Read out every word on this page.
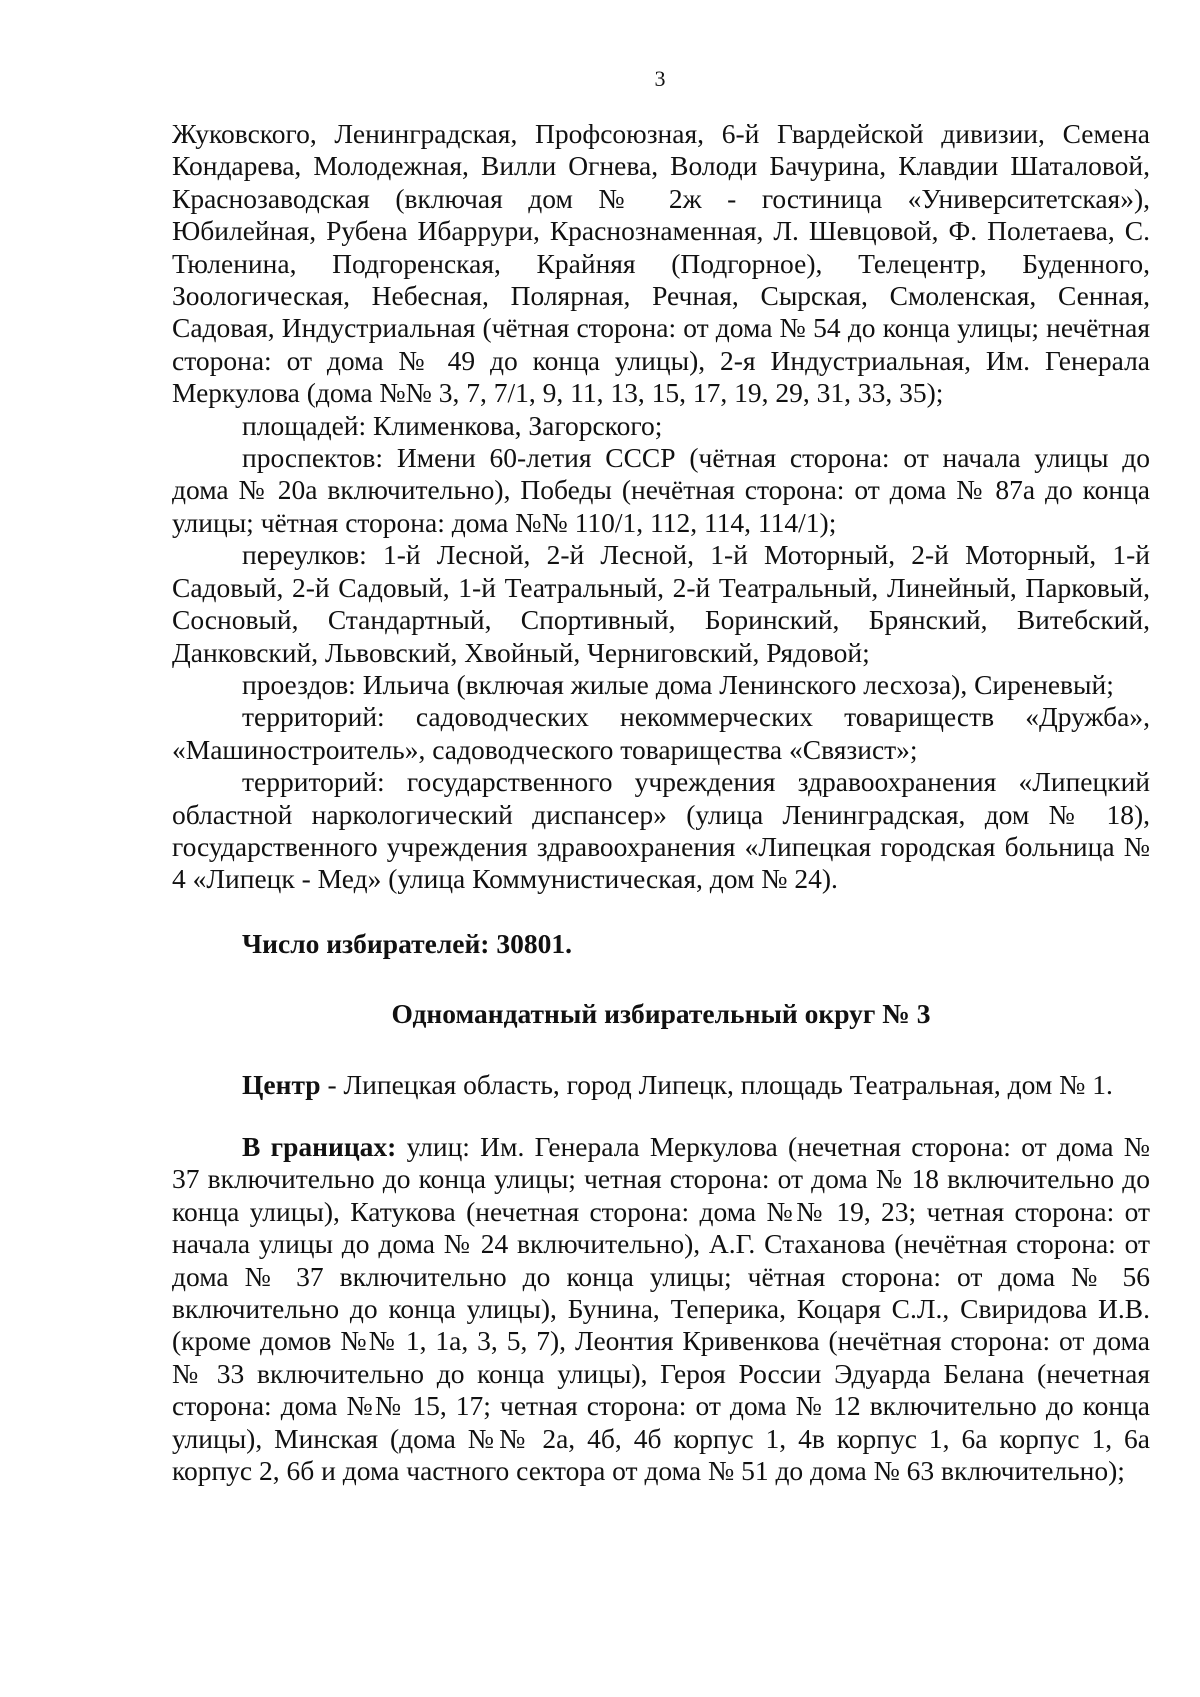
3

Жуковского, Ленинградская, Профсоюзная, 6-й Гвардейской дивизии, Семена Кондарева, Молодежная, Вилли Огнева, Володи Бачурина, Клавдии Шаталовой, Краснозаводская (включая дом № 2ж - гостиница «Университетская»), Юбилейная, Рубена Ибаррури, Краснознаменная, Л. Шевцовой, Ф. Полетаева, С. Тюленина, Подгоренская, Крайняя (Подгорное), Телецентр, Буденного, Зоологическая, Небесная, Полярная, Речная, Сырская, Смоленская, Сенная, Садовая, Индустриальная (чётная сторона: от дома № 54 до конца улицы; нечётная сторона: от дома № 49 до конца улицы), 2-я Индустриальная, Им. Генерала Меркулова (дома №№ 3, 7, 7/1, 9, 11, 13, 15, 17, 19, 29, 31, 33, 35);

площадей: Клименкова, Загорского;

проспектов: Имени 60-летия СССР (чётная сторона: от начала улицы до дома № 20а включительно), Победы (нечётная сторона: от дома № 87а до конца улицы; чётная сторона: дома №№ 110/1, 112, 114, 114/1);

переулков: 1-й Лесной, 2-й Лесной, 1-й Моторный, 2-й Моторный, 1-й Садовый, 2-й Садовый, 1-й Театральный, 2-й Театральный, Линейный, Парковый, Сосновый, Стандартный, Спортивный, Боринский, Брянский, Витебский, Данковский, Львовский, Хвойный, Черниговский, Рядовой;

проездов: Ильича (включая жилые дома Ленинского лесхоза), Сиреневый;

территорий: садоводческих некоммерческих товариществ «Дружба», «Машиностроитель», садоводческого товарищества «Связист»;

территорий: государственного учреждения здравоохранения «Липецкий областной наркологический диспансер» (улица Ленинградская, дом № 18), государственного учреждения здравоохранения «Липецкая городская больница № 4 «Липецк - Мед» (улица Коммунистическая, дом № 24).

Число избирателей: 30801.

Одномандатный избирательный округ № 3

Центр - Липецкая область, город Липецк, площадь Театральная, дом № 1.

В границах: улиц: Им. Генерала Меркулова (нечетная сторона: от дома № 37 включительно до конца улицы; четная сторона: от дома № 18 включительно до конца улицы), Катукова (нечетная сторона: дома №№ 19, 23; четная сторона: от начала улицы до дома № 24 включительно), А.Г. Стаханова (нечётная сторона: от дома № 37 включительно до конца улицы; чётная сторона: от дома № 56 включительно до конца улицы), Бунина, Теперика, Коцаря С.Л., Свиридова И.В. (кроме домов №№ 1, 1а, 3, 5, 7), Леонтия Кривенкова (нечётная сторона: от дома № 33 включительно до конца улицы), Героя России Эдуарда Белана (нечетная сторона: дома №№ 15, 17; четная сторона: от дома № 12 включительно до конца улицы), Минская (дома №№ 2а, 4б, 4б корпус 1, 4в корпус 1, 6а корпус 1, 6а корпус 2, 6б и дома частного сектора от дома № 51 до дома № 63 включительно);
